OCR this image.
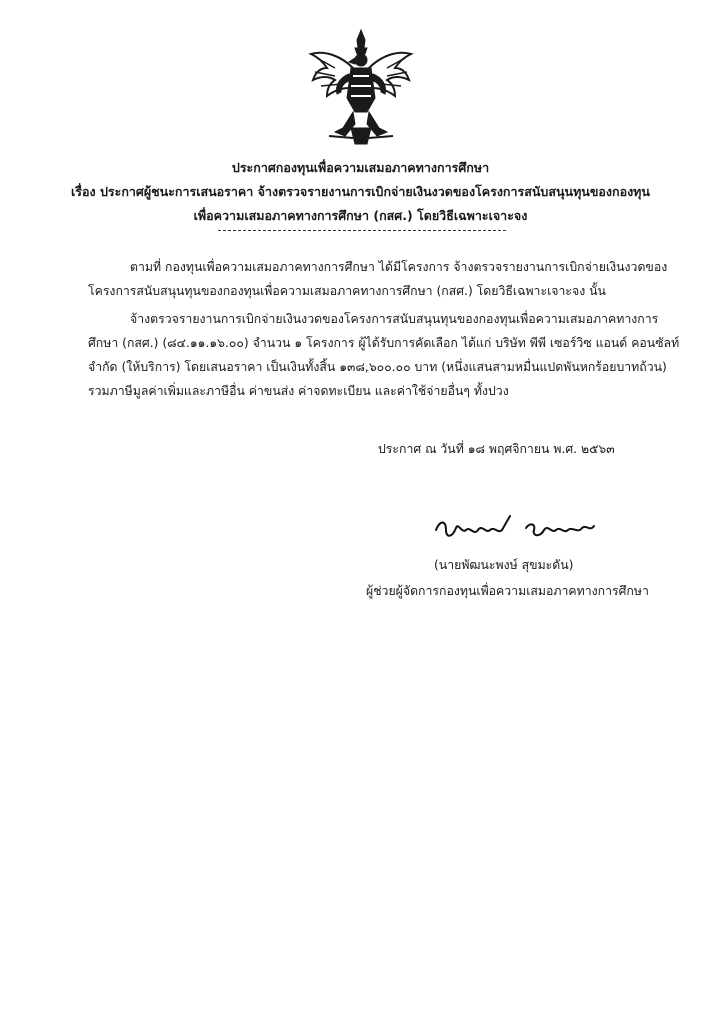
ประกาศกองทุนเพื่อความเสมอภาคทางการศึกษา
เรื่อง ประกาศผู้ชนะการเสนอราคา จ้างตรวจรายงานการเบิกจ่ายเงินงวดของโครงการสนับสนุนทุนของกองทุน
เพื่อความเสมอภาคทางการศึกษา (กสศ.) โดยวิธีเฉพาะเจาะจง
ตามที่ กองทุนเพื่อความเสมอภาคทางการศึกษา ได้มีโครงการ จ้างตรวจรายงานการเบิกจ่ายเงินงวดของ
โครงการสนับสนุนทุนของกองทุนเพื่อความเสมอภาคทางการศึกษา (กสศ.) โดยวิธีเฉพาะเจาะจง นั้น
จ้างตรวจรายงานการเบิกจ่ายเงินงวดของโครงการสนับสนุนทุนของกองทุนเพื่อความเสมอภาคทางการ
ศึกษา (กสศ.) (๘๔.๑๑.๑๖.๐๐) จำนวน ๑ โครงการ ผู้ได้รับการคัดเลือก ได้แก่ บริษัท พีพี เซอร์วิซ แอนด์ คอนซัลท์
จำกัด (ให้บริการ) โดยเสนอราคา เป็นเงินทั้งสิ้น ๑๓๘,๖๐๐.๐๐ บาท (หนึ่งแสนสามหมื่นแปดพันหกร้อยบาทถ้วน)
รวมภาษีมูลค่าเพิ่มและภาษีอื่น ค่าขนส่ง ค่าจดทะเบียน และค่าใช้จ่ายอื่นๆ ทั้งปวง
ประกาศ ณ วันที่ ๑๘ พฤศจิกายน พ.ศ. ๒๕๖๓
(นายพัฒนะพงษ์ สุขมะดัน)
ผู้ช่วยผู้จัดการกองทุนเพื่อความเสมอภาคทางการศึกษา
